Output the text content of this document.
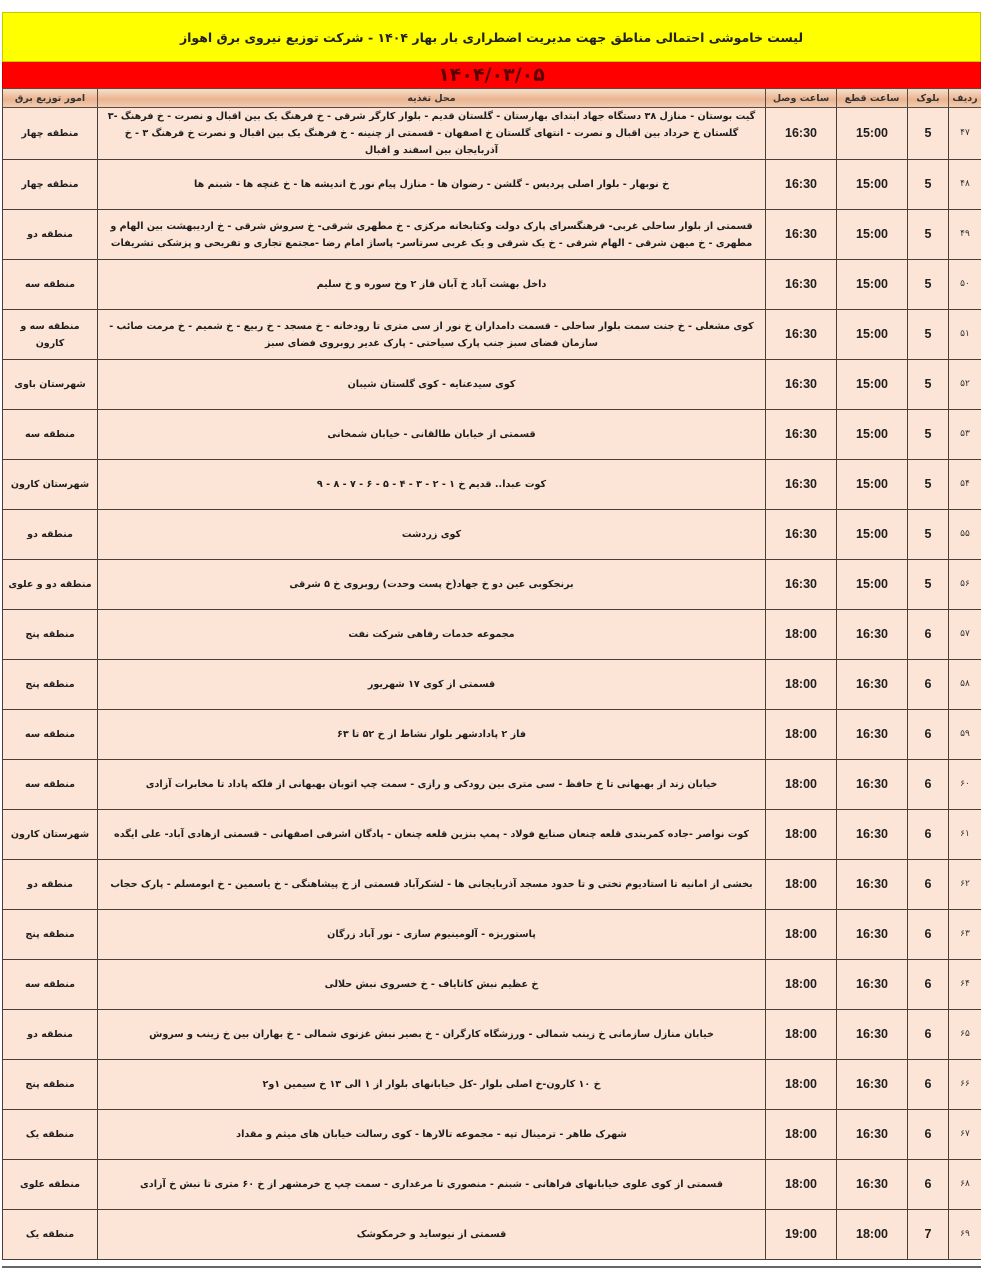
لیست خاموشی احتمالی مناطق جهت مدیریت اضطراری بار بهار ۱۴۰۴ - شرکت توزیع نیروی برق اهواز
۱۴۰۴/۰۳/۰۵
ردیف	بلوک	ساعت قطع	ساعت وصل	محل تغذیه	امور توزیع برق
۴۷	5	15:00	16:30	گیت بوستان - منازل ۳۸ دستگاه جهاد ابتدای بهارستان - گلستان قدیم - بلوار کارگر شرقی - خ فرهنگ یک بین اقبال و نصرت - خ فرهنگ -۳ گلستان خ خرداد بین اقبال و نصرت - انتهای گلستان خ اصفهان - قسمتی از چنینه - خ فرهنگ یک بین اقبال و نصرت خ فرهنگ ۳ - خ آذربایجان بین اسفند و اقبال	منطقه چهار
۴۸	5	15:00	16:30	خ نوبهار - بلوار اصلی پردیس - گلشن - رضوان ها - منازل پیام نور خ اندیشه ها - خ غنچه ها - شبنم ها	منطقه چهار
۴۹	5	15:00	16:30	قسمتی از بلوار ساحلی غربی- فرهنگسرای پارک دولت وکتابخانه مرکزی - خ مطهری شرقی- خ سروش شرقی - خ اردیبهشت بین الهام و مطهری - خ میهن شرقی - الهام شرقی - خ یک شرقی و یک غربی سرتاسر- پاساژ امام رضا -مجتمع تجاری و تفریحی و پزشکی تشریفات	منطقه دو
۵۰	5	15:00	16:30	داخل بهشت آباد خ آبان فاز ۲ وخ سوره و خ سلیم	منطقه سه
۵۱	5	15:00	16:30	کوی مشعلی - خ جنت سمت بلوار ساحلی - قسمت دامداران خ نور از سی متری تا رودخانه - خ مسجد - خ ربیع - خ شمیم - خ مرمت صائب - سازمان فضای سبز جنب پارک سیاحتی - پارک غدیر روبروی فضای سبز	منطقه سه و کارون
۵۲	5	15:00	16:30	کوی سیدعنایه - کوی گلستان شیبان	شهرستان باوی
۵۳	5	15:00	16:30	قسمتی از خیابان طالقانی - خیابان شمخانی	منطقه سه
۵۴	5	15:00	16:30	کوت عبدا.. قدیم خ ۱ - ۲ - ۳ - ۴ - ۵ - ۶ - ۷ - ۸ - ۹	شهرستان کارون
۵۵	5	15:00	16:30	کوی زردشت	منطقه دو
۵۶	5	15:00	16:30	برنجکوبی عین دو خ جهاد(خ پست وحدت) روبروی خ ۵ شرقی	منطقه دو و علوی
۵۷	6	16:30	18:00	مجموعه خدمات رفاهی شرکت نفت	منطقه پنج
۵۸	6	16:30	18:00	قسمتی از کوی ۱۷ شهریور	منطقه پنج
۵۹	6	16:30	18:00	فاز ۲ پادادشهر بلوار نشاط از خ ۵۲ تا ۶۳	منطقه سه
۶۰	6	16:30	18:00	خیابان زند از بهبهانی تا خ حافظ - سی متری بین رودکی و رازی - سمت چپ اتوبان بهبهانی از فلکه پاداد تا مخابرات آزادی	منطقه سه
۶۱	6	16:30	18:00	کوت نواصر -جاده کمربندی قلعه چنعان صنایع فولاد - پمپ بنزین قلعه چنعان - پادگان اشرفی اصفهانی - قسمتی ازهادی آباد- علی ایگده	شهرستان کارون
۶۲	6	16:30	18:00	بخشی از امانیه تا استادیوم تختی و تا حدود مسجد آذربایجانی ها - لشکرآباد قسمتی از خ پیشاهنگی - خ یاسمین - خ ابومسلم - پارک حجاب	منطقه دو
۶۳	6	16:30	18:00	پاستوریزه - آلومینیوم سازی - نور آباد زرگان	منطقه پنج
۶۴	6	16:30	18:00	خ عظیم نبش کاتایاف - خ خسروی نبش حلالی	منطقه سه
۶۵	6	16:30	18:00	خیابان منازل سازمانی خ زینب شمالی - ورزشگاه کارگران - خ بصیر نبش غزنوی شمالی - خ بهاران بین خ زینب و سروش	منطقه دو
۶۶	6	16:30	18:00	خ ۱۰ کارون-خ اصلی بلوار -کل خیابانهای بلوار از ۱ الی ۱۳ خ سیمین ۱و۲	منطقه پنج
۶۷	6	16:30	18:00	شهرک طاهر - ترمینال تپه - مجموعه تالارها - کوی رسالت خیابان های میثم و مقداد	منطقه یک
۶۸	6	16:30	18:00	قسمتی از کوی علوی خیابانهای فراهانی - شبنم - منصوری تا مرغداری - سمت چپ ج خرمشهر از خ ۶۰ متری تا نبش خ آزادی	منطقه علوی
۶۹	7	18:00	19:00	قسمتی از نیوساید و خرمکوشک	منطقه یک
